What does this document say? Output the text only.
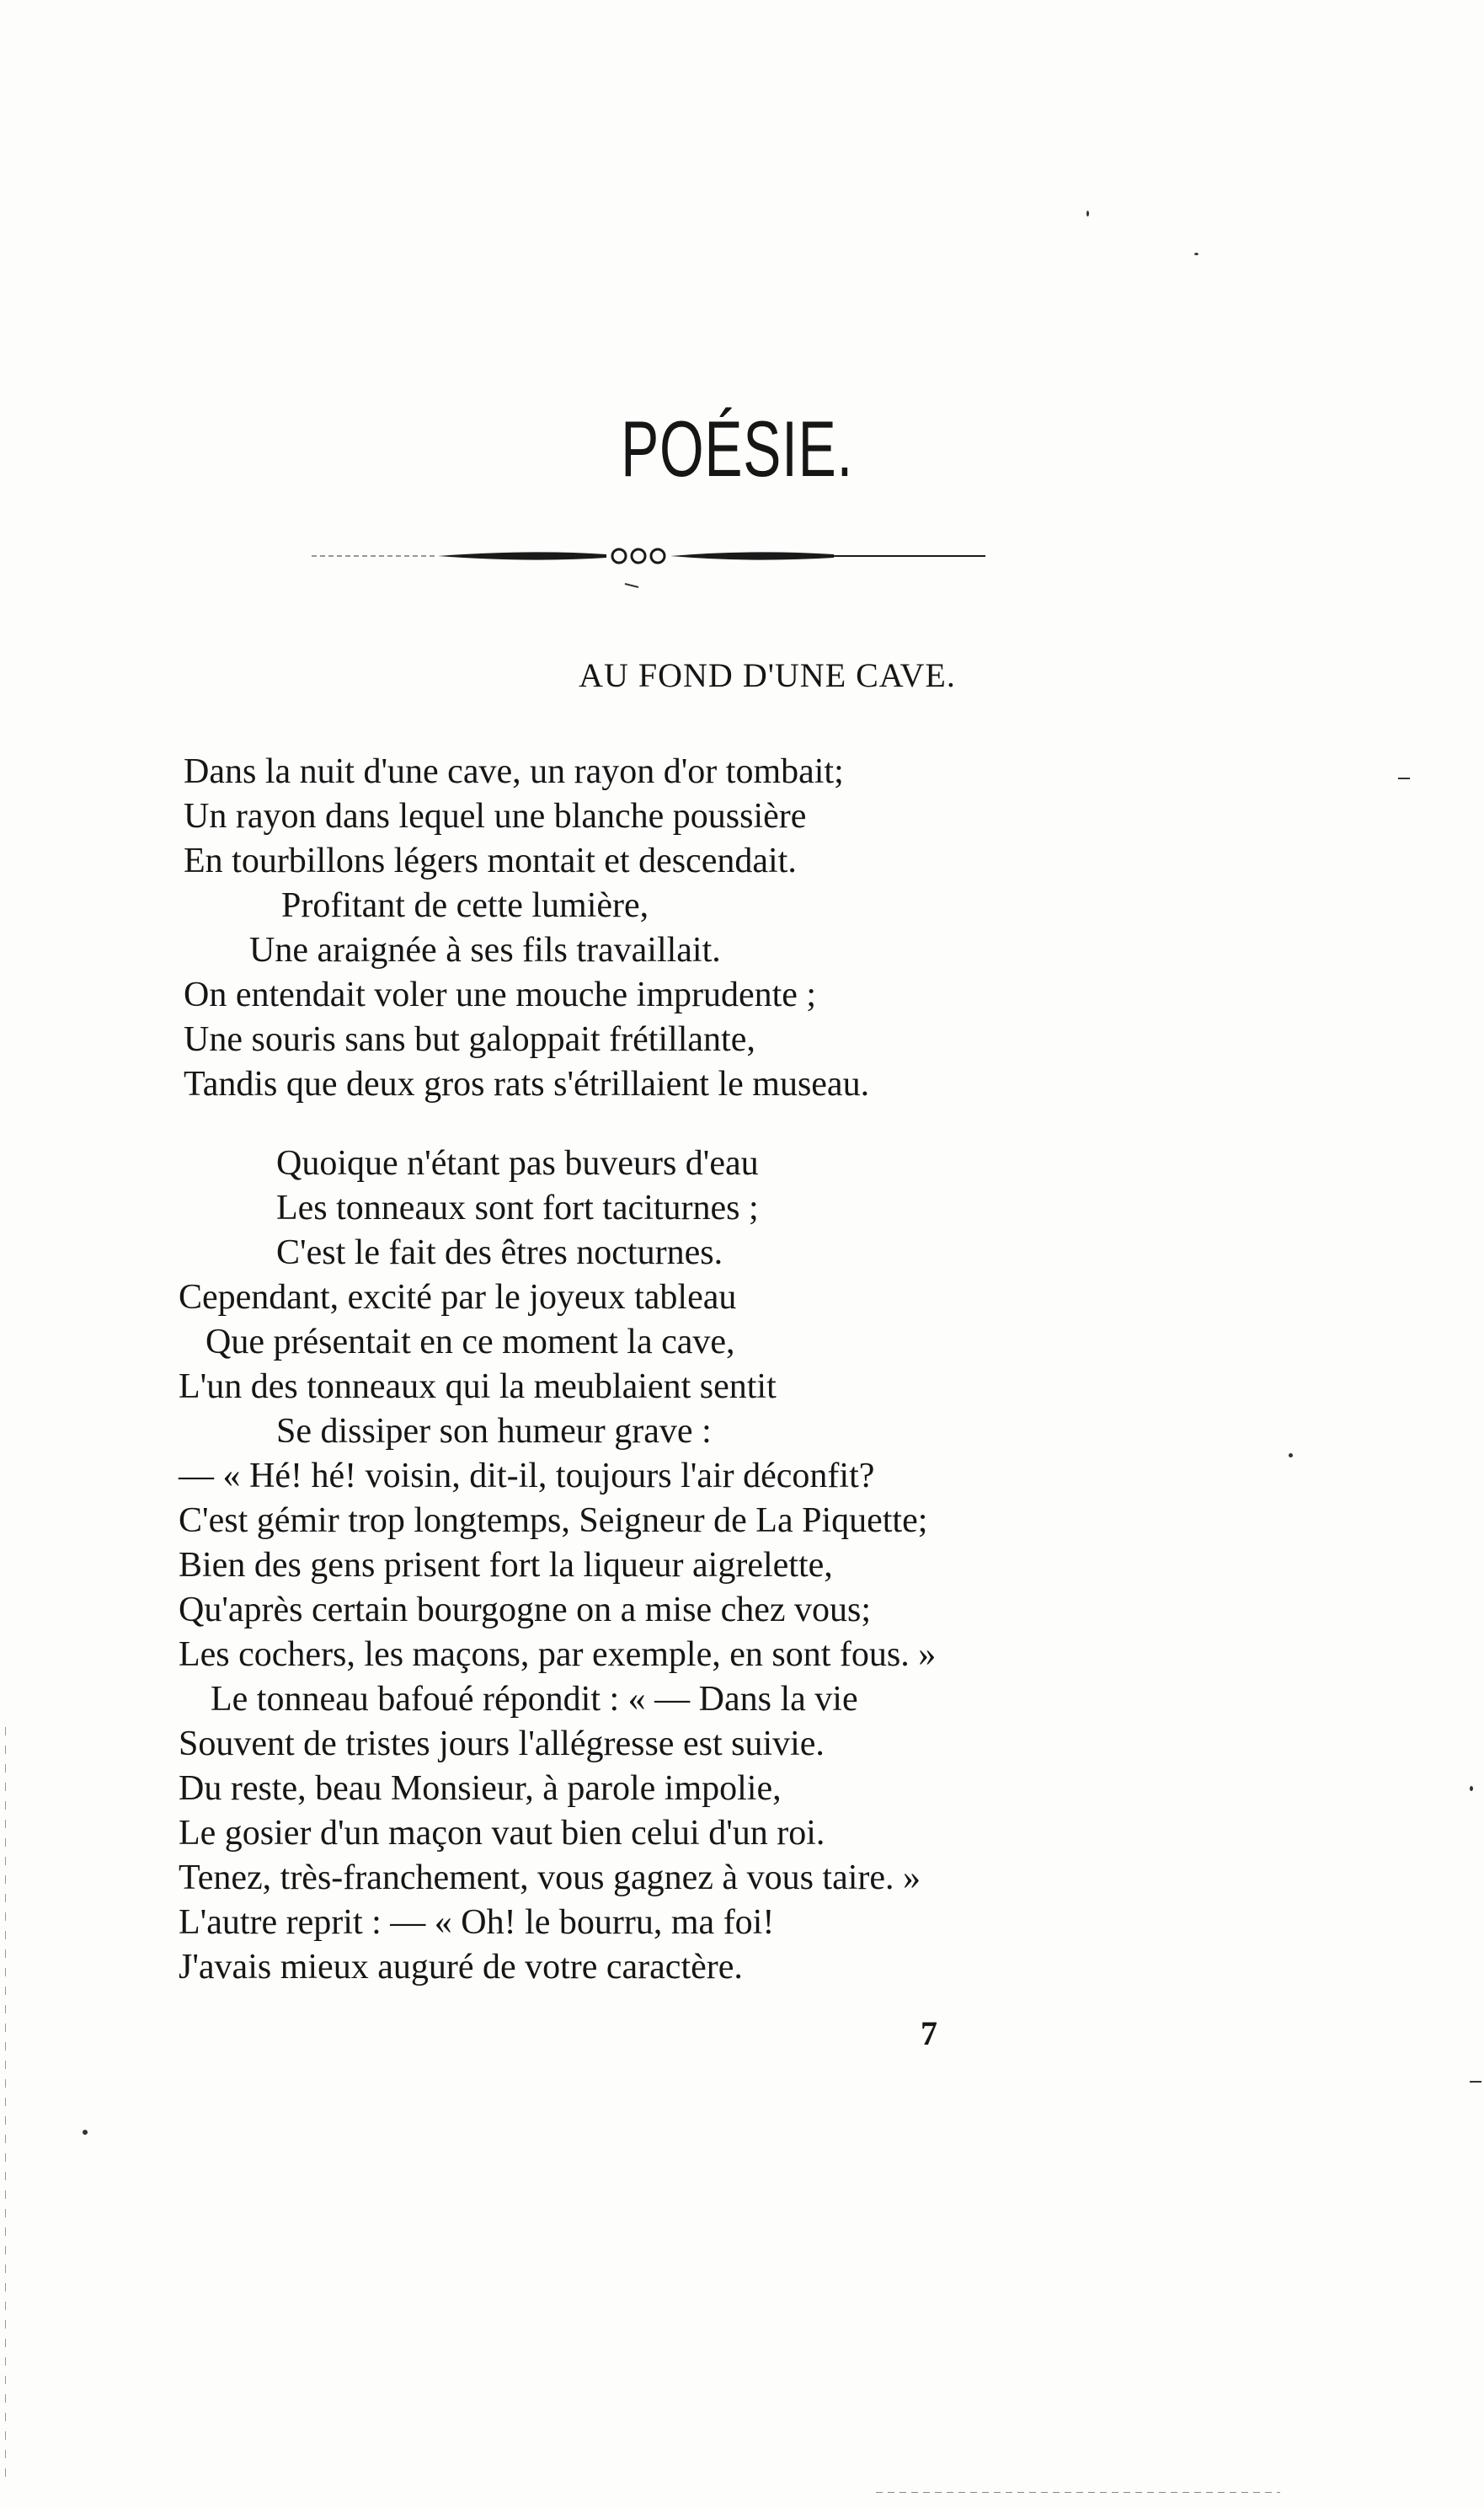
POÉSIE.
AU FOND D'UNE CAVE.
Dans la nuit d'une cave, un rayon d'or tombait;
Un rayon dans lequel une blanche poussière
En tourbillons légers montait et descendait.
Profitant de cette lumière,
Une araignée à ses fils travaillait.
On entendait voler une mouche imprudente ;
Une souris sans but galoppait frétillante,
Tandis que deux gros rats s'étrillaient le museau.
Quoique n'étant pas buveurs d'eau
Les tonneaux sont fort taciturnes ;
C'est le fait des êtres nocturnes.
Cependant, excité par le joyeux tableau
Que présentait en ce moment la cave,
L'un des tonneaux qui la meublaient sentit
Se dissiper son humeur grave :
— « Hé! hé! voisin, dit-il, toujours l'air déconfit?
C'est gémir trop longtemps, Seigneur de La Piquette;
Bien des gens prisent fort la liqueur aigrelette,
Qu'après certain bourgogne on a mise chez vous;
Les cochers, les maçons, par exemple, en sont fous. »
Le tonneau bafoué répondit : « — Dans la vie
Souvent de tristes jours l'allégresse est suivie.
Du reste, beau Monsieur, à parole impolie,
Le gosier d'un maçon vaut bien celui d'un roi.
Tenez, très-franchement, vous gagnez à vous taire. »
L'autre reprit : — « Oh! le bourru, ma foi!
J'avais mieux auguré de votre caractère.
7
